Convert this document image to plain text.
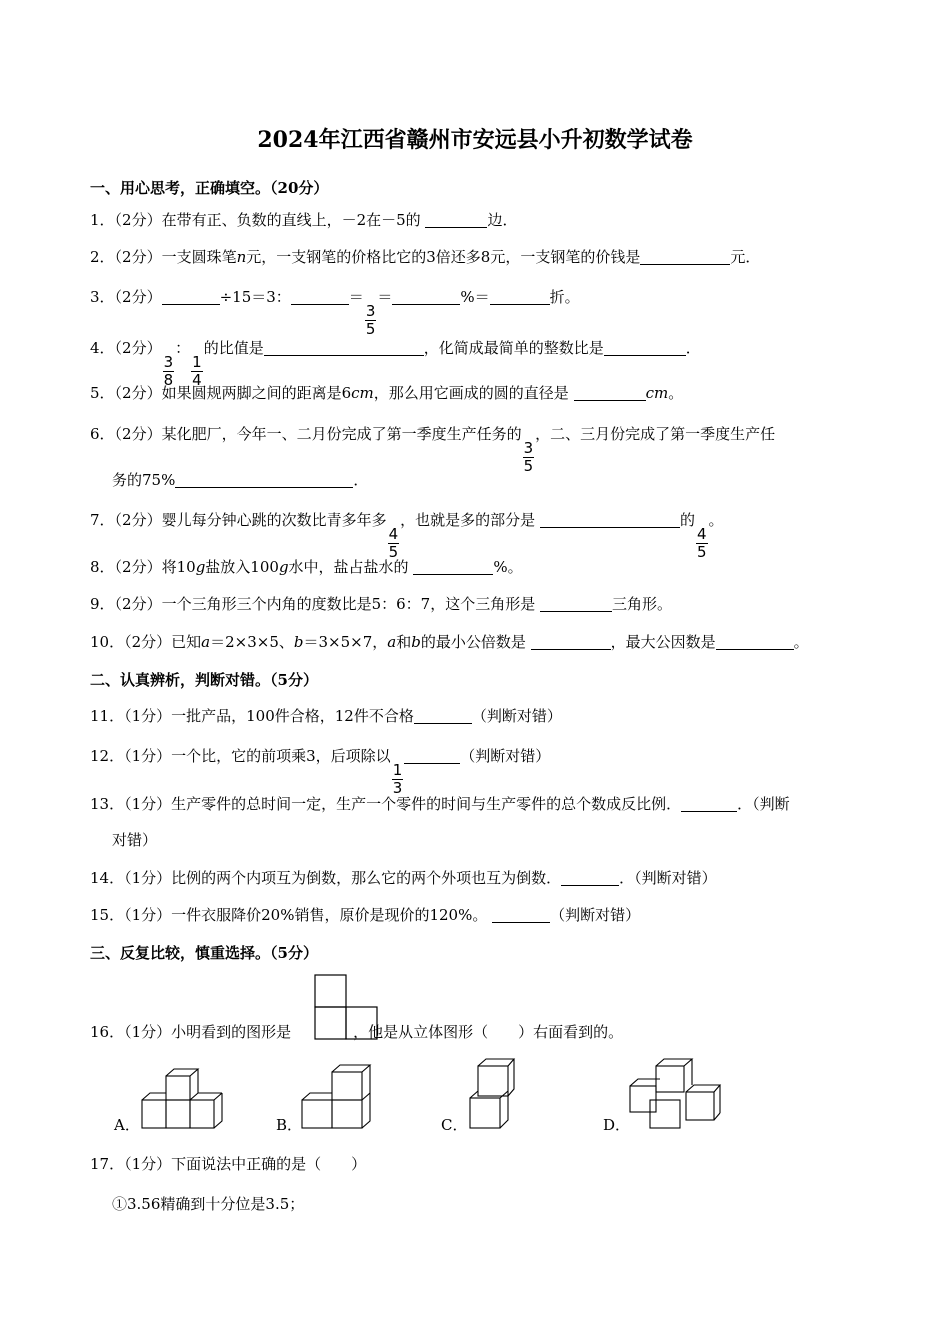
2024年江西省赣州市安远县小升初数学试卷
一、用心思考，正确填空。（20分）
1．（2分）在带有正、负数的直线上，－2在－5的	边．
2．（2分）一支圆珠笔n元，一支钢笔的价格比它的3倍还多8元，一支钢笔的价钱是	元．
3．（2分）	÷15＝3：	＝
$\frac{3}{5}$
＝	%＝	折。
4．（2分）
$\frac{3}{8}$
：
$\frac{1}{4}$
的比值是	，化简成最简单的整数比是	．
5．（2分）如果圆规两脚之间的距离是6cm，那么用它画成的圆的直径是	cm。
6．（2分）某化肥厂，今年一、二月份完成了第一季度生产任务的
$\frac{3}{5}$
，二、三月份完成了第一季度生产任
务的75%	．
7．（2分）婴儿每分钟心跳的次数比青多年多
$\frac{4}{5}$
，也就是多的部分是	的
$\frac{4}{5}$
。
8．（2分）将10g盐放入100g水中，盐占盐水的	%。
9．（2分）一个三角形三个内角的度数比是5：6：7，这个三角形是	三角形。
10．（2分）已知a＝2×3×5、b＝3×5×7，a和b的最小公倍数是	，最大公因数是	。
二、认真辨析，判断对错。（5分）
11．（1分）一批产品，100件合格，12件不合格	（判断对错）
12．（1分）一个比，它的前项乘3，后项除以
$\frac{1}{3}$
（判断对错）
13．（1分）生产零件的总时间一定，生产一个零件的时间与生产零件的总个数成反比例．	．（判断
对错）
14．（1分）比例的两个内项互为倒数，那么它的两个外项也互为倒数．	．（判断对错）
15．（1分）一件衣服降价20%销售，原价是现价的120%。	（判断对错）
三、反复比较，慎重选择。（5分）
16．（1分）小明看到的图形是	，他是从立体图形（　　）右面看到的。
A．	B．	C．	D．
17．（1分）下面说法中正确的是（　　）
①3.56精确到十分位是3.5；
